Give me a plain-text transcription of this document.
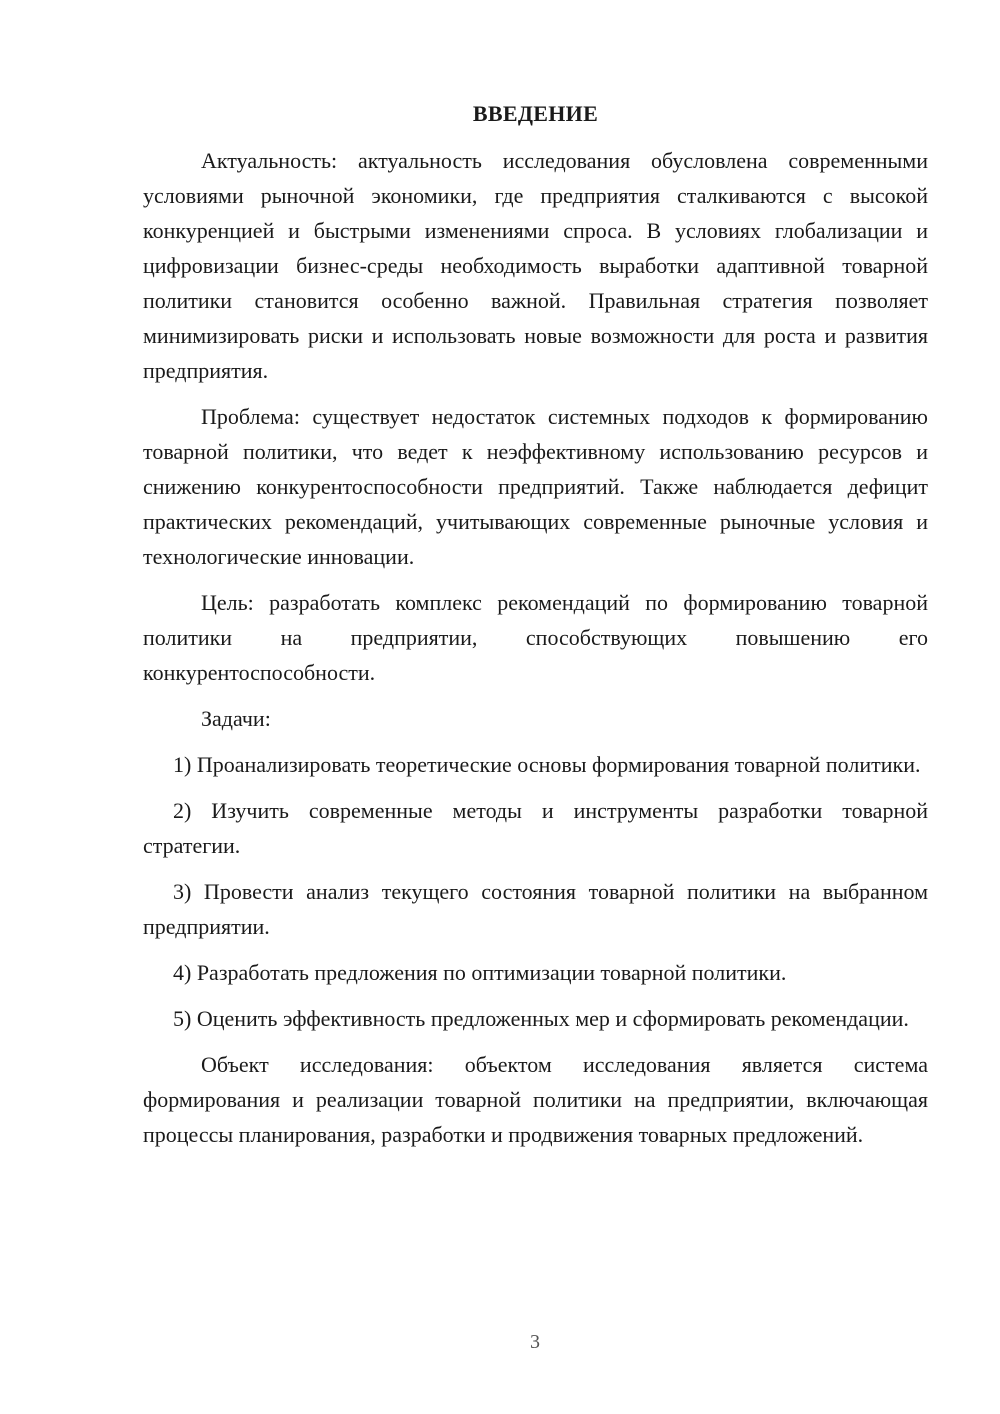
ВВЕДЕНИЕ

Актуальность: актуальность исследования обусловлена современными условиями рыночной экономики, где предприятия сталкиваются с высокой конкуренцией и быстрыми изменениями спроса. В условиях глобализации и цифровизации бизнес-среды необходимость выработки адаптивной товарной политики становится особенно важной. Правильная стратегия позволяет минимизировать риски и использовать новые возможности для роста и развития предприятия.

Проблема: существует недостаток системных подходов к формированию товарной политики, что ведет к неэффективному использованию ресурсов и снижению конкурентоспособности предприятий. Также наблюдается дефицит практических рекомендаций, учитывающих современные рыночные условия и технологические инновации.

Цель: разработать комплекс рекомендаций по формированию товарной политики на предприятии, способствующих повышению его конкурентоспособности.

Задачи:

1) Проанализировать теоретические основы формирования товарной политики.

2) Изучить современные методы и инструменты разработки товарной стратегии.

3) Провести анализ текущего состояния товарной политики на выбранном предприятии.

4) Разработать предложения по оптимизации товарной политики.

5) Оценить эффективность предложенных мер и сформировать рекомендации.

Объект исследования: объектом исследования является система формирования и реализации товарной политики на предприятии, включающая процессы планирования, разработки и продвижения товарных предложений.

3
